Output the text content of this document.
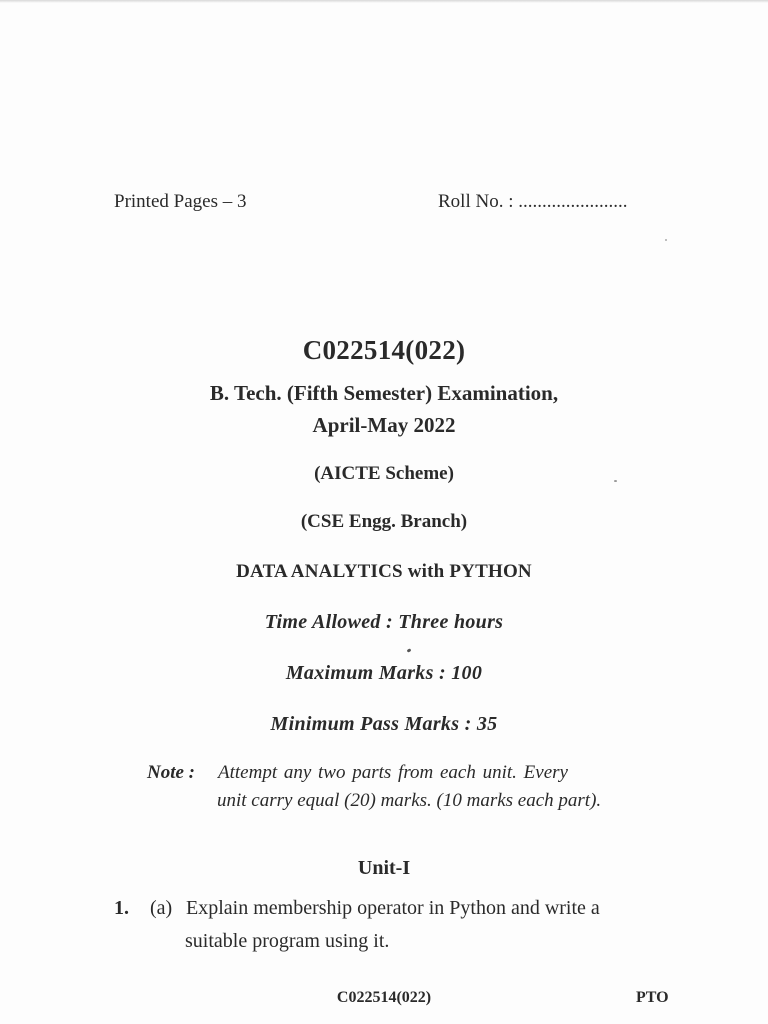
Printed Pages – 3	Roll No. : .......................
C022514(022)
B. Tech. (Fifth Semester) Examination,
April-May 2022
(AICTE Scheme)
(CSE Engg. Branch)
DATA ANALYTICS with PYTHON
Time Allowed : Three hours
Maximum Marks : 100
Minimum Pass Marks : 35
Note : Attempt any two parts from each unit. Every
unit carry equal (20) marks. (10 marks each part).
Unit-I
1. (a) Explain membership operator in Python and write a
suitable program using it.
C022514(022)	PTO
